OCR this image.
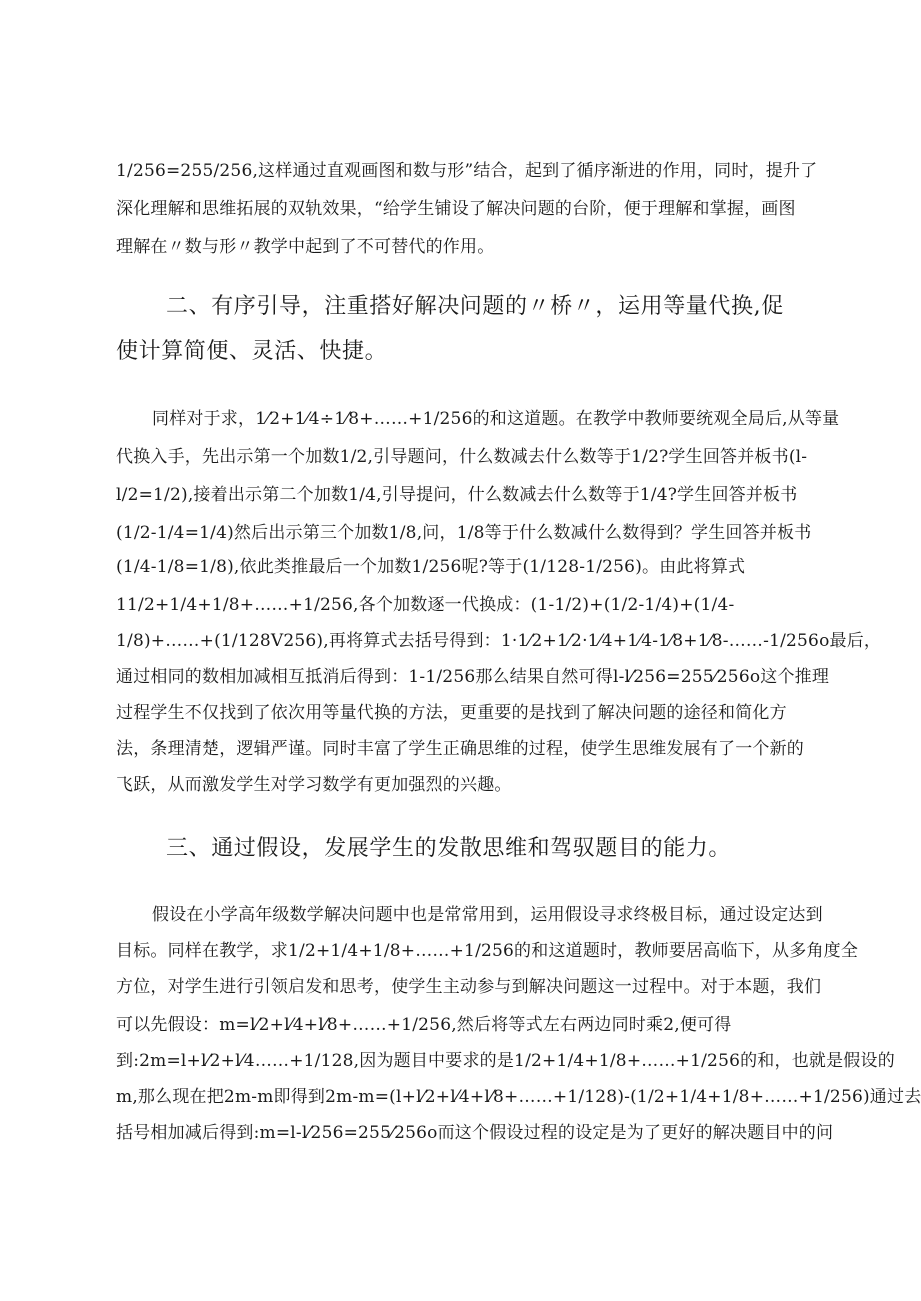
1/256=255/256,这样通过直观画图和数与形”结合，起到了循序渐进的作用，同时，提升了
深化理解和思维拓展的双轨效果，“给学生铺设了解决问题的台阶，便于理解和掌握，画图
理解在〃数与形〃教学中起到了不可替代的作用。
二、有序引导，注重搭好解决问题的〃桥〃，运用等量代换,促
使计算简便、灵活、快捷。
同样对于求，1⁄2+1⁄4÷1⁄8+……+1/256的和这道题。在教学中教师要统观全局后,从等量
代换入手，先出示第一个加数1/2,引导题问，什么数减去什么数等于1/2?学生回答并板书(l-
l/2=1/2),接着出示第二个加数1/4,引导提问，什么数减去什么数等于1/4?学生回答并板书
(1/2-1/4=1/4)然后出示第三个加数1/8,问，1/8等于什么数减什么数得到？学生回答并板书
(1/4-1/8=1/8),依此类推最后一个加数1/256呢?等于(1/128-1/256)。由此将算式
11/2+1/4+1/8+……+1/256,各个加数逐一代换成：(1-1/2)+(1/2-1/4)+(1/4-
1/8)+……+(1/128V256),再将算式去括号得到：1·1⁄2+1⁄2·1⁄4+1⁄4-1⁄8+1⁄8-……-1/256o最后，
通过相同的数相加减相互抵消后得到：1-1/256那么结果自然可得l-l⁄256=255⁄256o这个推理
过程学生不仅找到了依次用等量代换的方法，更重要的是找到了解决问题的途径和简化方
法，条理清楚，逻辑严谨。同时丰富了学生正确思维的过程，使学生思维发展有了一个新的
飞跃，从而激发学生对学习数学有更加强烈的兴趣。
三、通过假设，发展学生的发散思维和驾驭题目的能力。
假设在小学高年级数学解决问题中也是常常用到，运用假设寻求终极目标，通过设定达到
目标。同样在教学，求1/2+1/4+1/8+……+1/256的和这道题时，教师要居高临下，从多角度全
方位，对学生进行引领启发和思考，使学生主动参与到解决问题这一过程中。对于本题，我们
可以先假设：m=l⁄2+l⁄4+l⁄8+……+1/256,然后将等式左右两边同时乘2,便可得
到:2m=l+l⁄2+l⁄4……+1/128,因为题目中要求的是1/2+1/4+1/8+……+1/256的和，也就是假设的
m,那么现在把2m-m即得到2m-m=(l+l⁄2+l⁄4+l⁄8+……+1/128)-(1/2+1/4+1/8+……+1/256)通过去
括号相加减后得到:m=l-l⁄256=255⁄256o而这个假设过程的设定是为了更好的解决题目中的问
